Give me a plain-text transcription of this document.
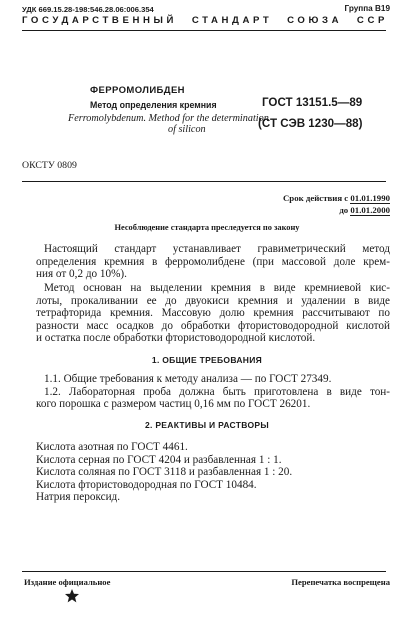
УДК 669.15.28-198:546.28.06:006.354	Группа В19
ГОСУДАРСТВЕННЫЙ СТАНДАРТ СОЮЗА ССР
ФЕРРОМОЛИБДЕН
Метод определения кремния
Ferromolybdenum. Method for the determination
of silicon
ГОСТ 13151.5—89
(СТ СЭВ 1230—88)
ОКСТУ 0809
Срок действия с 01.01.1990
до 01.01.2000
Несоблюдение стандарта преследуется по закону
Настоящий стандарт устанавливает гравиметрический метод
определения кремния в ферромолибдене (при массовой доле крем-
ния от 0,2 до 10%).
Метод основан на выделении кремния в виде кремниевой кис-
лоты, прокаливании ее до двуокиси кремния и удалении в виде
тетрафторида кремния. Массовую долю кремния рассчитывают по
разности масс осадков до обработки фтористоводородной кислотой
и остатка после обработки фтористоводородной кислотой.
1. ОБЩИЕ ТРЕБОВАНИЯ
1.1. Общие требования к методу анализа — по ГОСТ 27349.
1.2. Лабораторная проба должна быть приготовлена в виде тон-
кого порошка с размером частиц 0,16 мм по ГОСТ 26201.
2. РЕАКТИВЫ И РАСТВОРЫ
Кислота азотная по ГОСТ 4461.
Кислота серная по ГОСТ 4204 и разбавленная 1 : 1.
Кислота соляная по ГОСТ 3118 и разбавленная 1 : 20.
Кислота фтористоводородная по ГОСТ 10484.
Натрия пероксид.
Издание официальное	Перепечатка воспрещена
